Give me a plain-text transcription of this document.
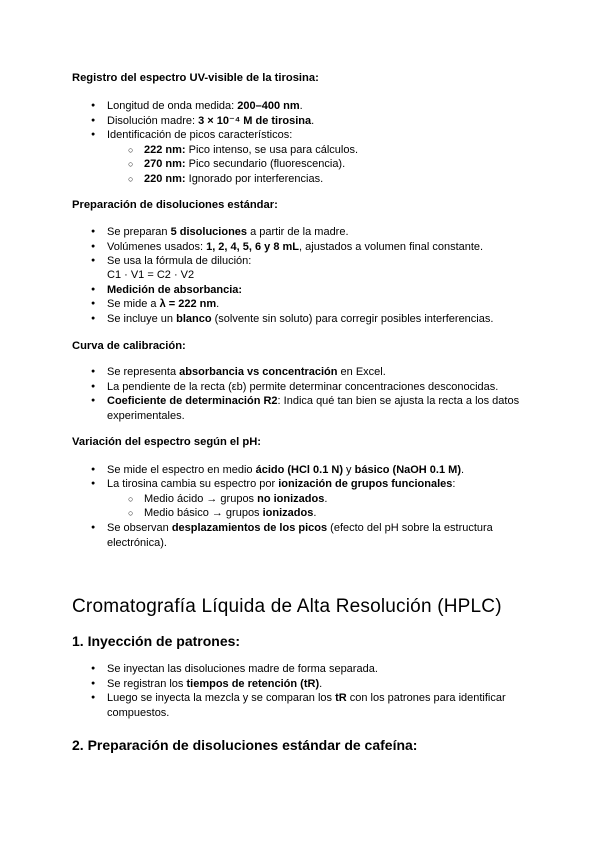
Registro del espectro UV-visible de la tirosina:
● Longitud de onda medida: 200–400 nm.
● Disolución madre: 3 × 10⁻⁴ M de tirosina.
● Identificación de picos característicos:
○ 222 nm: Pico intenso, se usa para cálculos.
○ 270 nm: Pico secundario (fluorescencia).
○ 220 nm: Ignorado por interferencias.
Preparación de disoluciones estándar:
● Se preparan 5 disoluciones a partir de la madre.
● Volúmenes usados: 1, 2, 4, 5, 6 y 8 mL, ajustados a volumen final constante.
● Se usa la fórmula de dilución:
C1 · V1 = C2 · V2
● Medición de absorbancia:
● Se mide a λ = 222 nm.
● Se incluye un blanco (solvente sin soluto) para corregir posibles interferencias.
Curva de calibración:
● Se representa absorbancia vs concentración en Excel.
● La pendiente de la recta (εb) permite determinar concentraciones desconocidas.
● Coeficiente de determinación R2: Indica qué tan bien se ajusta la recta a los datos experimentales.
Variación del espectro según el pH:
● Se mide el espectro en medio ácido (HCl 0.1 N) y básico (NaOH 0.1 M).
● La tirosina cambia su espectro por ionización de grupos funcionales:
○ Medio ácido → grupos no ionizados.
○ Medio básico → grupos ionizados.
● Se observan desplazamientos de los picos (efecto del pH sobre la estructura electrónica).
Cromatografía Líquida de Alta Resolución (HPLC)
1. Inyección de patrones:
● Se inyectan las disoluciones madre de forma separada.
● Se registran los tiempos de retención (tR).
● Luego se inyecta la mezcla y se comparan los tR con los patrones para identificar compuestos.
2. Preparación de disoluciones estándar de cafeína:
